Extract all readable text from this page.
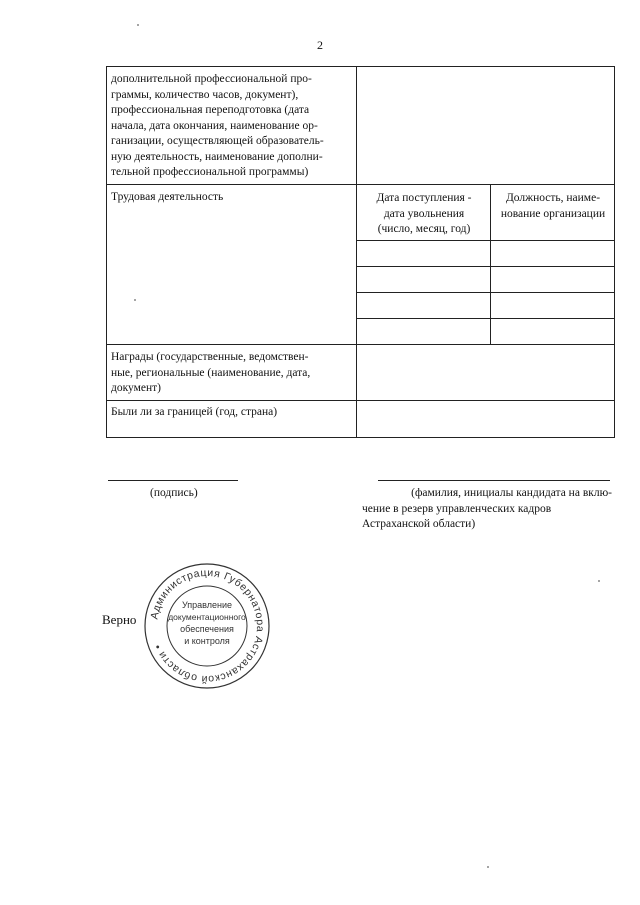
2
дополнительной профессиональной про-
граммы, количество часов, документ),
профессиональная переподготовка (дата
начала, дата окончания, наименование ор-
ганизации, осуществляющей образователь-
ную деятельность, наименование дополни-
тельной профессиональной программы)
Трудовая деятельность	Дата поступления -
дата увольнения
(число, месяц, год)
Должность, наиме-
нование организации
Награды (государственные, ведомствен-
ные, региональные (наименование, дата,
документ)
Были ли за границей (год, страна)
(подпись)	(фамилия, инициалы кандидата на вклю-
чение в резерв управленческих кадров
Астраханской области)
Верно Администрация Губернатора Астраханской области •
Управление
документационного
обеспечения
и контроля
